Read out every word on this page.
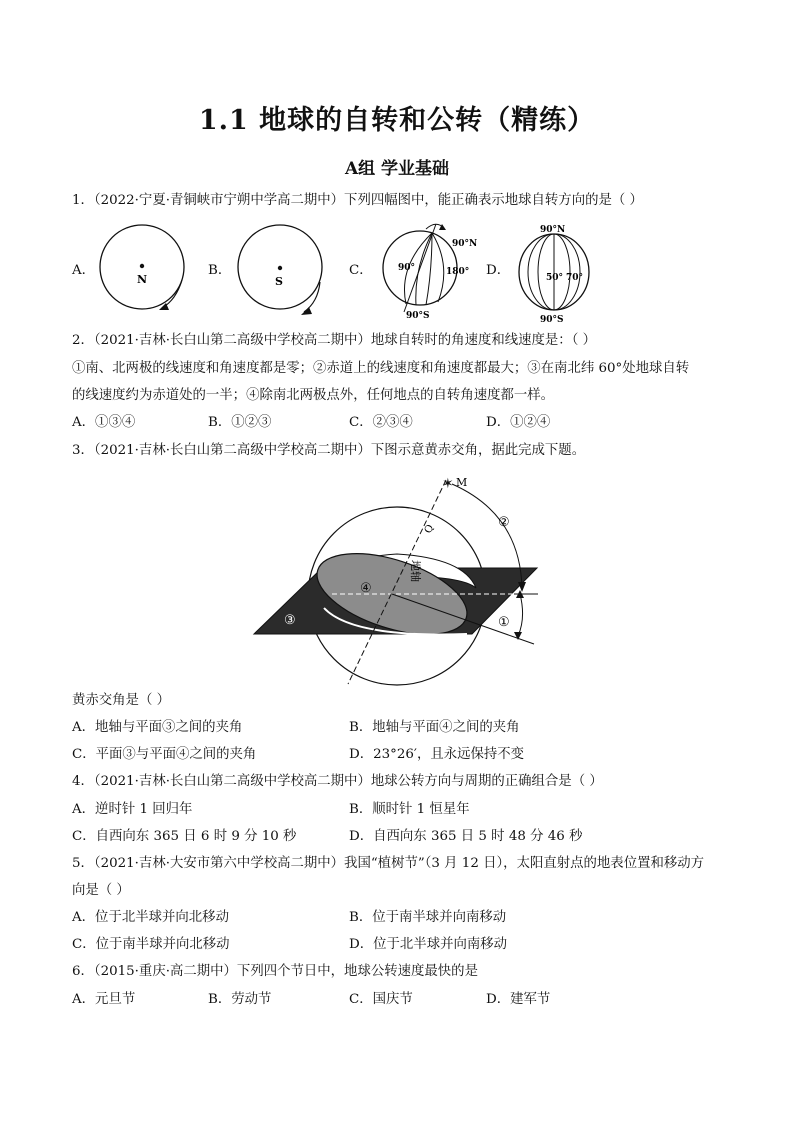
1.1 地球的自转和公转（精练）
A组 学业基础
1．（2022·宁夏·青铜峡市宁朔中学高二期中）下列四幅图中，能正确表示地球自转方向的是（ ）
A．
N
B．
S
C．
90°N
90°	180°
90°S
D．
90°N
50° 70°
90°S
2．（2021·吉林·长白山第二高级中学校高二期中）地球自转时的角速度和线速度是：（ ）
①南、北两极的线速度和角速度都是零；②赤道上的线速度和角速度都最大；③在南北纬 60°处地球自转
的线速度约为赤道处的一半；④除南北两极点外，任何地点的自转角速度都一样。
A．①③④	B．①②③	C．②③④	D．①②④
3．（2021·吉林·长白山第二高级中学校高二期中）下图示意黄赤交角，据此完成下题。
✶ M
Q
地轴
②
①
③
④
黄赤交角是（ ）
A．地轴与平面③之间的夹角	B．地轴与平面④之间的夹角
C．平面③与平面④之间的夹角	D．23°26′，且永远保持不变
4．（2021·吉林·长白山第二高级中学校高二期中）地球公转方向与周期的正确组合是（ ）
A．逆时针 1 回归年	B．顺时针 1 恒星年
C．自西向东 365 日 6 时 9 分 10 秒	D．自西向东 365 日 5 时 48 分 46 秒
5．（2021·吉林·大安市第六中学校高二期中）我国“植树节”（3 月 12 日），太阳直射点的地表位置和移动方
向是（ ）
A．位于北半球并向北移动	B．位于南半球并向南移动
C．位于南半球并向北移动	D．位于北半球并向南移动
6．（2015·重庆·高二期中）下列四个节日中，地球公转速度最快的是
A．元旦节	B．劳动节	C．国庆节	D．建军节
